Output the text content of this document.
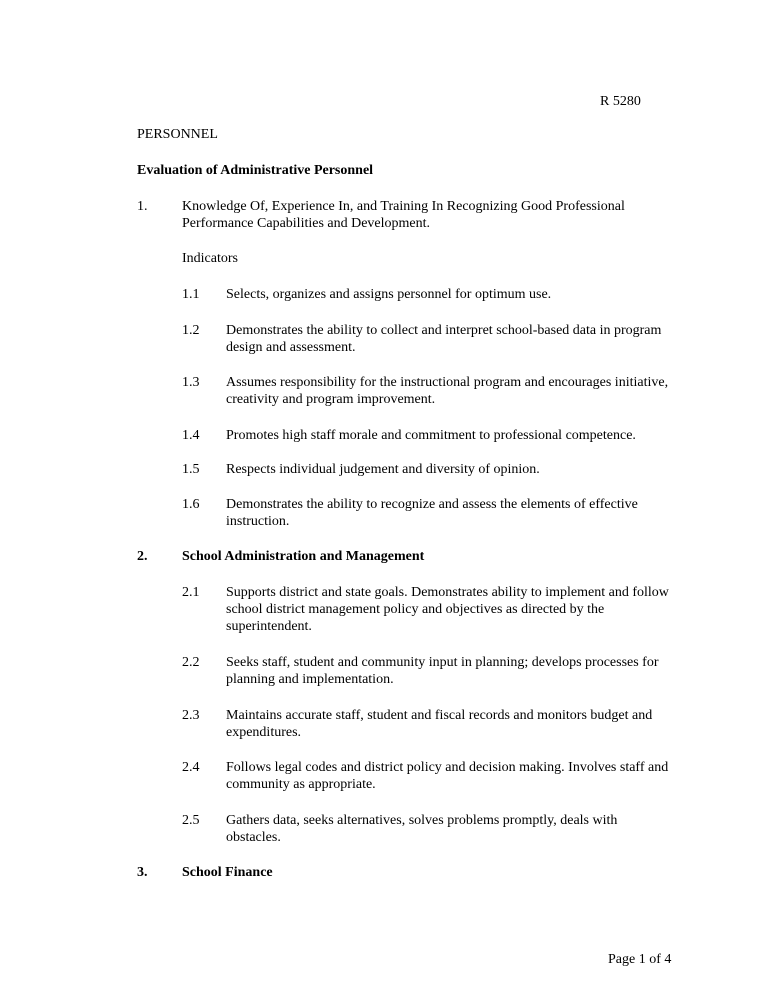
R 5280
PERSONNEL
Evaluation of Administrative Personnel
1. Knowledge Of, Experience In, and Training In Recognizing Good Professional Performance Capabilities and Development.
Indicators
1.1 Selects, organizes and assigns personnel for optimum use.
1.2 Demonstrates the ability to collect and interpret school-based data in program design and assessment.
1.3 Assumes responsibility for the instructional program and encourages initiative, creativity and program improvement.
1.4 Promotes high staff morale and commitment to professional competence.
1.5 Respects individual judgement and diversity of opinion.
1.6 Demonstrates the ability to recognize and assess the elements of effective instruction.
2. School Administration and Management
2.1 Supports district and state goals. Demonstrates ability to implement and follow school district management policy and objectives as directed by the superintendent.
2.2 Seeks staff, student and community input in planning; develops processes for planning and implementation.
2.3 Maintains accurate staff, student and fiscal records and monitors budget and expenditures.
2.4 Follows legal codes and district policy and decision making. Involves staff and community as appropriate.
2.5 Gathers data, seeks alternatives, solves problems promptly, deals with obstacles.
3. School Finance
Page 1 of 4
